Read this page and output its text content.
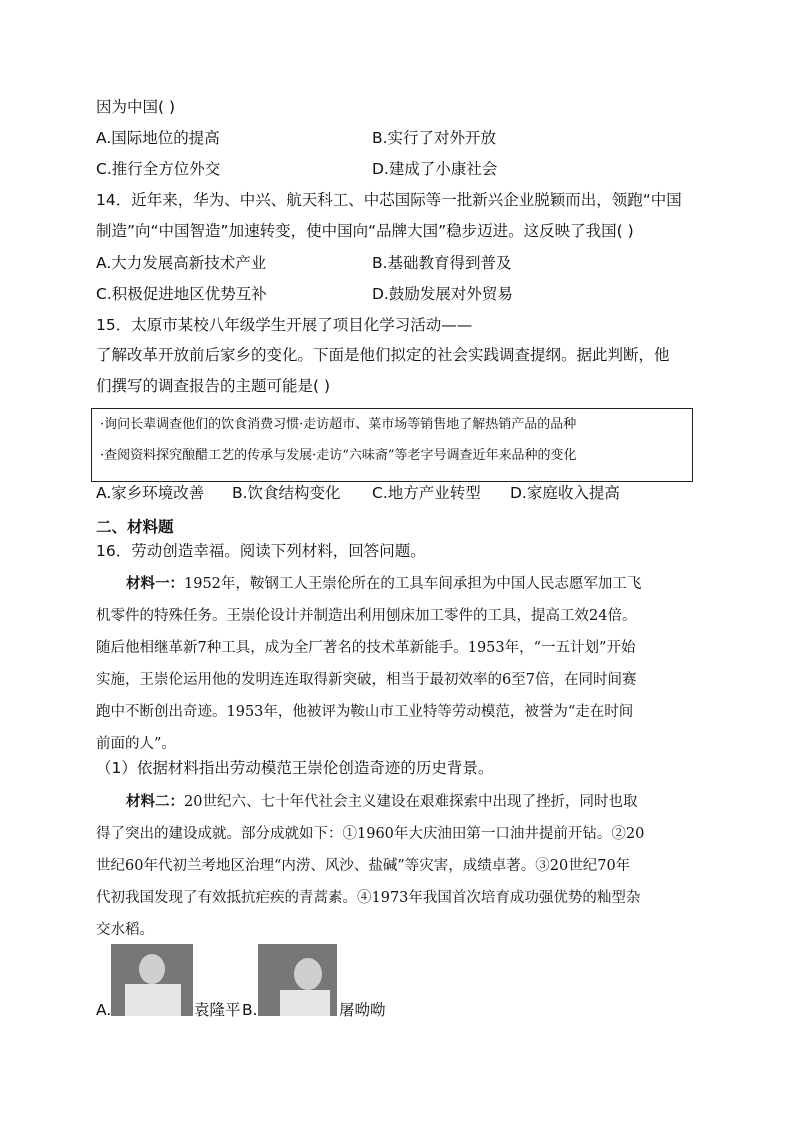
因为中国( )
A.国际地位的提高	B.实行了对外开放
C.推行全方位外交	D.建成了小康社会
14．近年来，华为、中兴、航天科工、中芯国际等一批新兴企业脱颖而出，领跑“中国
制造”向“中国智造”加速转变，使中国向“品牌大国”稳步迈进。这反映了我国( )
A.大力发展高新技术产业	B.基础教育得到普及
C.积极促进地区优势互补	D.鼓励发展对外贸易
15．太原市某校八年级学生开展了项目化学习活动——
了解改革开放前后家乡的变化。下面是他们拟定的社会实践调查提纲。据此判断，他
们撰写的调查报告的主题可能是( )
·询问长辈调查他们的饮食消费习惯·走访超市、菜市场等销售地了解热销产品的品种
·查阅资料探究酿醋工艺的传承与发展·走访“六味斋”等老字号调查近年来品种的变化
A.家乡环境改善 B.饮食结构变化 C.地方产业转型 D.家庭收入提高
二、材料题
16．劳动创造幸福。阅读下列材料，回答问题。
材料一：1952年，鞍钢工人王崇伦所在的工具车间承担为中国人民志愿军加工飞
机零件的特殊任务。王崇伦设计并制造出利用刨床加工零件的工具，提高工效24倍。
随后他相继革新7种工具，成为全厂著名的技术革新能手。1953年，“一五计划”开始
实施，王崇伦运用他的发明连连取得新突破，相当于最初效率的6至7倍，在同时间赛
跑中不断创出奇迹。1953年，他被评为鞍山市工业特等劳动模范，被誉为“走在时间
前面的人”。
（1）依据材料指出劳动模范王崇伦创造奇迹的历史背景。
材料二：20世纪六、七十年代社会主义建设在艰难探索中出现了挫折，同时也取
得了突出的建设成就。部分成就如下：①1960年大庆油田第一口油井提前开钻。②20
世纪60年代初兰考地区治理“内涝、风沙、盐碱”等灾害，成绩卓著。③20世纪70年
代初我国发现了有效抵抗疟疾的青蒿素。④1973年我国首次培育成功强优势的籼型杂
交水稻。
A.	袁隆平 B.	屠呦呦
